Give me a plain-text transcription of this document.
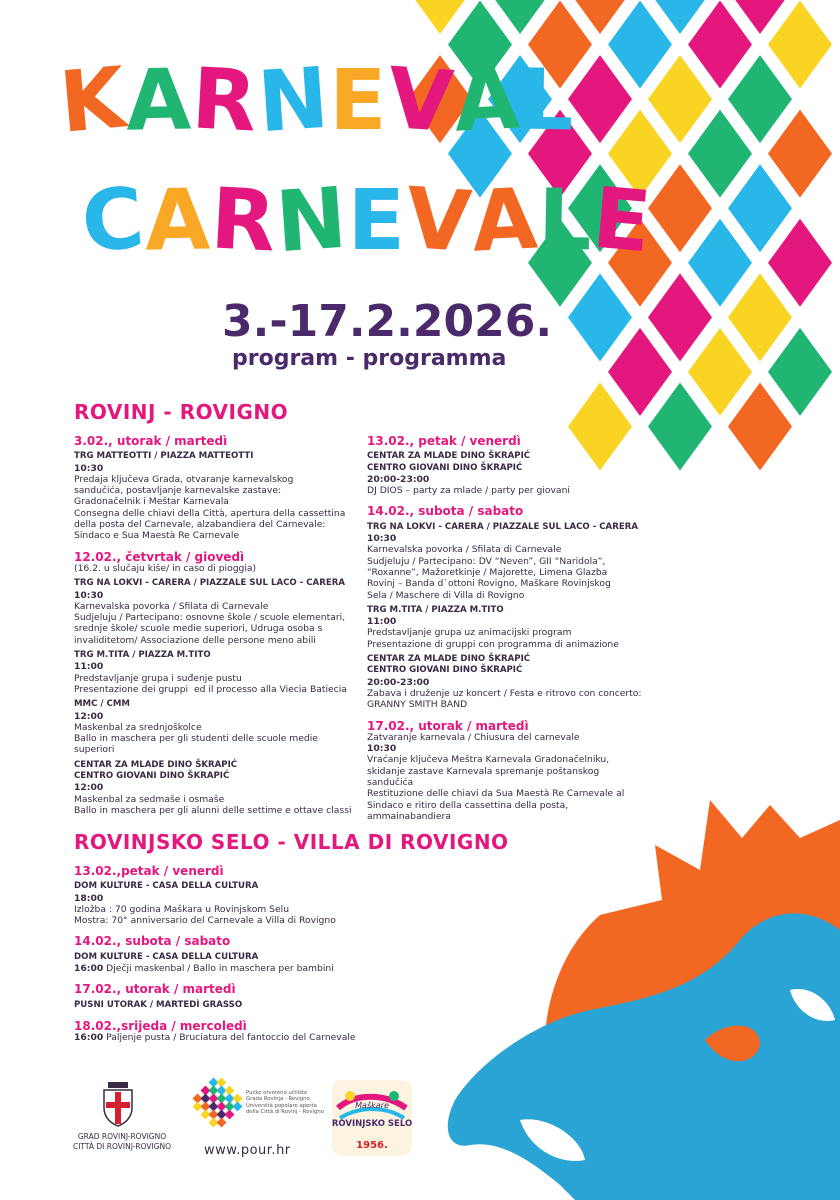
KARNEVAL
CARNEVALE
3.-17.2.2026.
program - programma
ROVINJ - ROVIGNO
3.02., utorak / martedì
TRG MATTEOTTI / PIAZZA MATTEOTTI
10:30
Predaja ključeva Grada, otvaranje karnevalskog
sandučića, postavljanje karnevalske zastave:
Gradonačelnik i Meštar Karnevala
Consegna delle chiavi della Città, apertura della cassettina
della posta del Carnevale, alzabandiera del Carnevale:
Sindaco e Sua Maestà Re Carnevale
12.02., četvrtak / giovedì
(16.2. u slučaju kiše/ in caso di pioggia)
TRG NA LOKVI - CARERA / PIAZZALE SUL LACO - CARERA
10:30
Karnevalska povorka / Sfilata di Carnevale
Sudjeluju / Partecipano: osnovne škole / scuole elementari,
srednje škole/ scuole medie superiori, Udruga osoba s
invaliditetom/ Associazione delle persone meno abili
TRG M.TITA / PIAZZA M.TITO
11:00
Predstavljanje grupa i suđenje pustu
Presentazione dei gruppi  ed il processo alla Viecia Batiecia
MMC / CMM
12:00
Maskenbal za srednjoškolce
Ballo in maschera per gli studenti delle scuole medie
superiori
CENTAR ZA MLADE DINO ŠKRAPIĆ
CENTRO GIOVANI DINO ŠKRAPIĆ
12:00
Maskenbal za sedmaše i osmaše
Ballo in maschera per gli alunni delle settime e ottave classi
13.02., petak / venerdì
CENTAR ZA MLADE DINO ŠKRAPIĆ
CENTRO GIOVANI DINO ŠKRAPIĆ
20:00-23:00
DJ DIOS – party za mlade / party per giovani
14.02., subota / sabato
TRG NA LOKVI - CARERA / PIAZZALE SUL LACO - CARERA
10:30
Karnevalska povorka / Sfilata di Carnevale
Sudjeluju / Partecipano: DV “Neven”, GII “Naridola”,
“Roxanne”, Mažoretkinje / Majorette, Limena Glazba
Rovinj – Banda d`ottoni Rovigno, Maškare Rovinjskog
Sela / Maschere di Villa di Rovigno
TRG M.TITA / PIAZZA M.TITO
11:00
Predstavljanje grupa uz animacijski program
Presentazione di gruppi con programma di animazione
CENTAR ZA MLADE DINO ŠKRAPIĆ
CENTRO GIOVANI DINO ŠKRAPIĆ
20:00-23:00
Zabava i druženje uz koncert / Festa e ritrovo con concerto:
GRANNY SMITH BAND
17.02., utorak / martedì
Zatvaranje karnevala / Chiusura del carnevale
10:30
Vraćanje ključeva Meštra Karnevala Gradonačelniku,
skidanje zastave Karnevala spremanje poštanskog
sandučića
Restituzione delle chiavi da Sua Maestà Re Carnevale al
Sindaco e ritiro della cassettina della posta,
ammainabandiera
ROVINJSKO SELO - VILLA DI ROVIGNO
13.02.,petak / venerdì
DOM KULTURE - CASA DELLA CULTURA
18:00
Izložba : 70 godina Maškara u Rovinjskom Selu
Mostra: 70° anniversario del Carnevale a Villa di Rovigno
14.02., subota / sabato
DOM KULTURE - CASA DELLA CULTURA
16:00 Dječji maskenbal / Ballo in maschera per bambini
17.02., utorak / martedì
PUSNI UTORAK / MARTEDÌ GRASSO
18.02.,srijeda / mercoledì
16:00 Paljenje pusta / Bruciatura del fantoccio del Carnevale
GRAD ROVINJ-ROVIGNO
CITTÀ DI ROVINJ-ROVIGNO
Pučko otvoreno učilište
Grada Rovinja - Rovigno
Università popolare aperta
della Città di Rovinj - Rovigno
www.pour.hr
Maškare
ROVINJSKO SELO
1956.
